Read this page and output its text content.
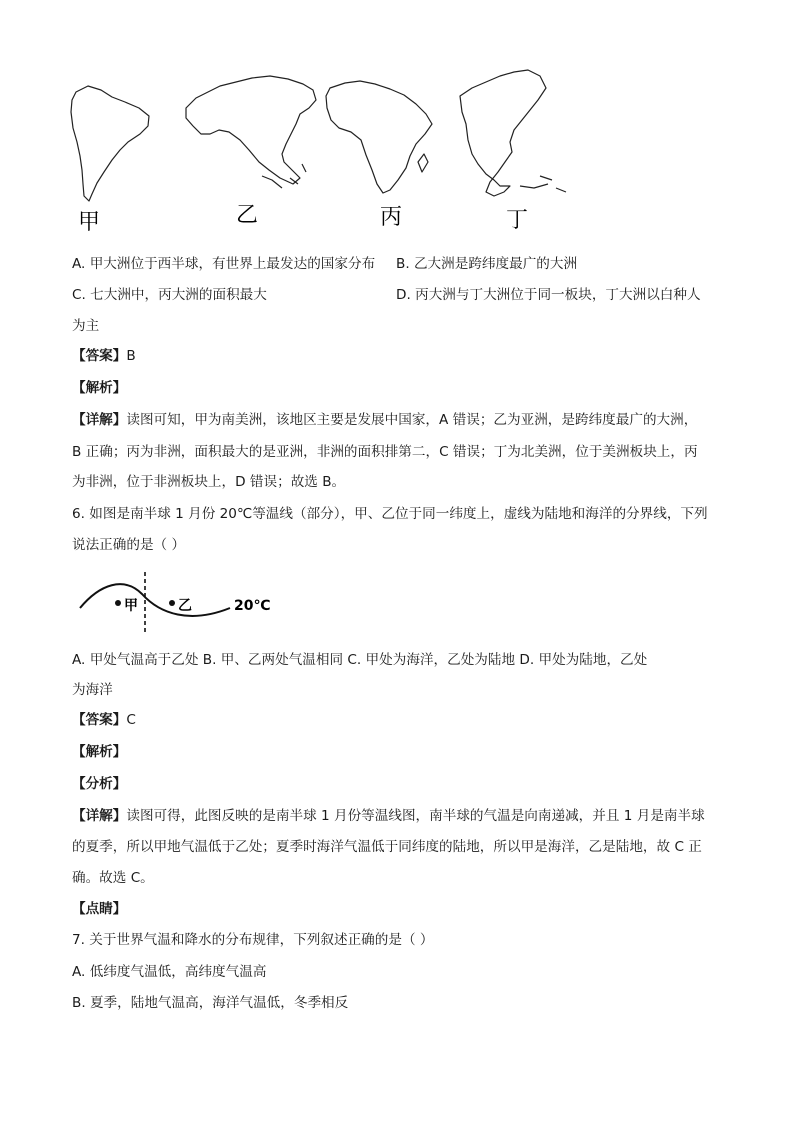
甲	乙	丙	丁
A. 甲大洲位于西半球，有世界上最发达的国家分布 B. 乙大洲是跨纬度最广的大洲
C. 七大洲中，丙大洲的面积最大	D. 丙大洲与丁大洲位于同一板块，丁大洲以白种人
为主
【答案】B
【解析】
【详解】读图可知，甲为南美洲，该地区主要是发展中国家，A 错误；乙为亚洲，是跨纬度最广的大洲，
B 正确；丙为非洲，面积最大的是亚洲，非洲的面积排第二，C 错误；丁为北美洲，位于美洲板块上，丙
为非洲，位于非洲板块上，D 错误；故选 B。
6. 如图是南半球 1 月份 20℃等温线（部分），甲、乙位于同一纬度上，虚线为陆地和海洋的分界线，下列
说法正确的是（ ）
甲	乙	20℃
A. 甲处气温高于乙处 B. 甲、乙两处气温相同 C. 甲处为海洋，乙处为陆地 D. 甲处为陆地，乙处
为海洋
【答案】C
【解析】
【分析】
【详解】读图可得，此图反映的是南半球 1 月份等温线图，南半球的气温是向南递减，并且 1 月是南半球
的夏季，所以甲地气温低于乙处；夏季时海洋气温低于同纬度的陆地，所以甲是海洋，乙是陆地，故 C 正
确。故选 C。
【点睛】
7. 关于世界气温和降水的分布规律，下列叙述正确的是（ ）
A. 低纬度气温低，高纬度气温高
B. 夏季，陆地气温高，海洋气温低，冬季相反
